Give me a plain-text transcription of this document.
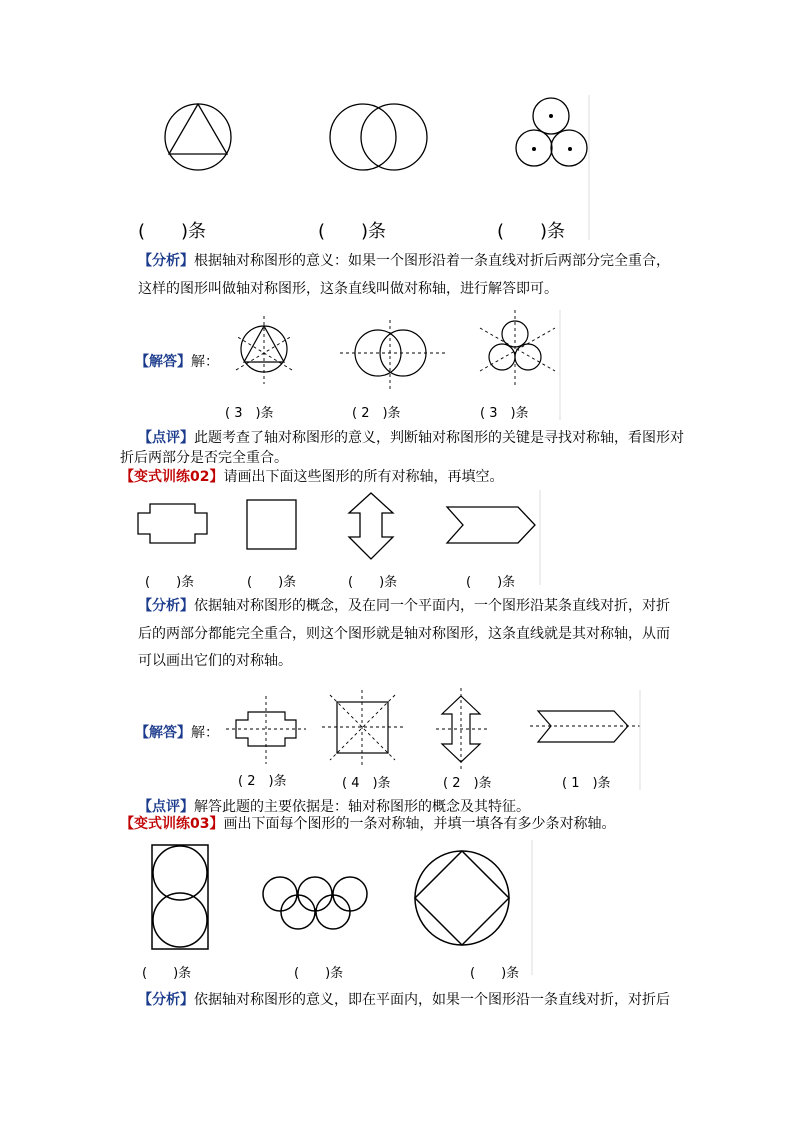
(　　)条	(　　)条	(　　)条
【分析】根据轴对称图形的意义：如果一个图形沿着一条直线对折后两部分完全重合，
这样的图形叫做轴对称图形，这条直线叫做对称轴，进行解答即可。
【解答】解：
( 3　)条	( 2　)条	( 3　)条
【点评】此题考查了轴对称图形的意义，判断轴对称图形的关键是寻找对称轴，看图形对
折后两部分是否完全重合。
【变式训练02】请画出下面这些图形的所有对称轴，再填空。
(　　)条	(　　)条	(　　)条	(　　)条
【分析】依据轴对称图形的概念，及在同一个平面内，一个图形沿某条直线对折，对折
后的两部分都能完全重合，则这个图形就是轴对称图形，这条直线就是其对称轴，从而
可以画出它们的对称轴。
【解答】解：
( 2　)条	( 4　)条	( 2　)条	( 1　)条
【点评】解答此题的主要依据是：轴对称图形的概念及其特征。
【变式训练03】画出下面每个图形的一条对称轴，并填一填各有多少条对称轴。
(　　)条	(　　)条	(　　)条
【分析】依据轴对称图形的意义，即在平面内，如果一个图形沿一条直线对折，对折后
